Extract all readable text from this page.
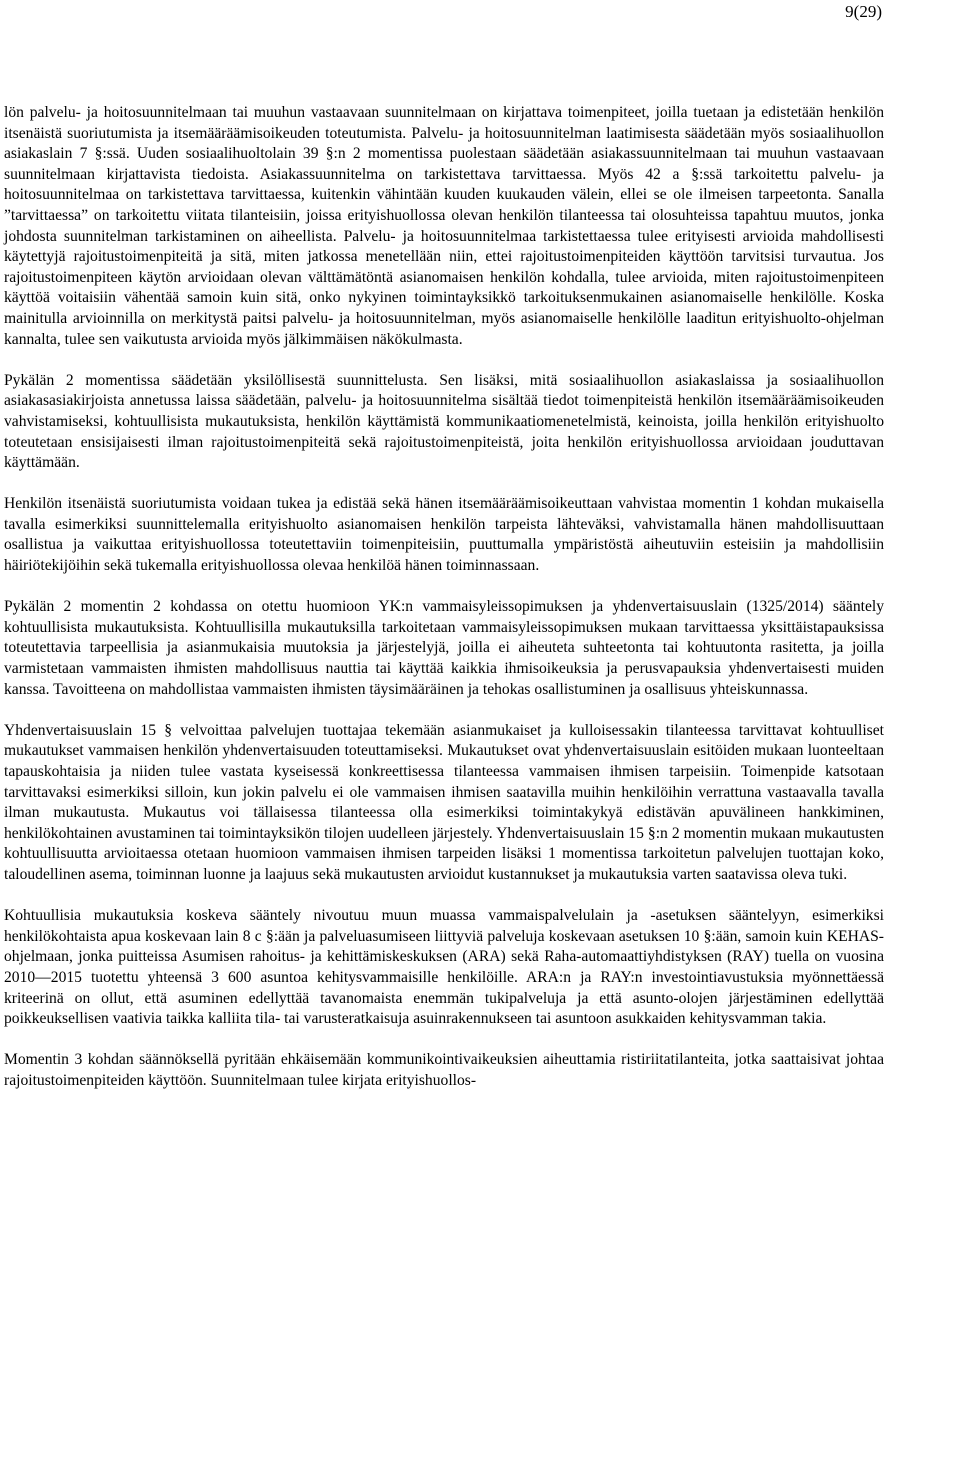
9(29)

lön palvelu- ja hoitosuunnitelmaan tai muuhun vastaavaan suunnitelmaan on kirjattava toimenpiteet, joilla tuetaan ja edistetään henkilön itsenäistä suoriutumista ja itsemääräämisoikeuden toteutumista. Palvelu- ja hoitosuunnitelman laatimisesta säädetään myös sosiaalihuollon asiakaslain 7 §:ssä. Uuden sosiaalihuoltolain 39 §:n 2 momentissa puolestaan säädetään asiakassuunnitelmaan tai muuhun vastaavaan suunnitelmaan kirjattavista tiedoista. Asiakassuunnitelma on tarkistettava tarvittaessa. Myös 42 a §:ssä tarkoitettu palvelu- ja hoitosuunnitelmaa on tarkistettava tarvittaessa, kuitenkin vähintään kuuden kuukauden välein, ellei se ole ilmeisen tarpeetonta. Sanalla ”tarvittaessa” on tarkoitettu viitata tilanteisiin, joissa erityishuollossa olevan henkilön tilanteessa tai olosuhteissa tapahtuu muutos, jonka johdosta suunnitelman tarkistaminen on aiheellista. Palvelu- ja hoitosuunnitelmaa tarkistettaessa tulee erityisesti arvioida mahdollisesti käytettyjä rajoitustoimenpiteitä ja sitä, miten jatkossa menetellään niin, ettei rajoitustoimenpiteiden käyttöön tarvitsisi turvautua. Jos rajoitustoimenpiteen käytön arvioidaan olevan välttämätöntä asianomaisen henkilön kohdalla, tulee arvioida, miten rajoitustoimenpiteen käyttöä voitaisiin vähentää samoin kuin sitä, onko nykyinen toimintayksikkö tarkoituksenmukainen asianomaiselle henkilölle. Koska mainitulla arvioinnilla on merkitystä paitsi palvelu- ja hoitosuunnitelman, myös asianomaiselle henkilölle laaditun erityishuolto-ohjelman kannalta, tulee sen vaikutusta arvioida myös jälkimmäisen näkökulmasta.

Pykälän 2 momentissa säädetään yksilöllisestä suunnittelusta. Sen lisäksi, mitä sosiaalihuollon asiakaslaissa ja sosiaalihuollon asiakasasiakirjoista annetussa laissa säädetään, palvelu- ja hoitosuunnitelma sisältää tiedot toimenpiteistä henkilön itsemääräämisoikeuden vahvistamiseksi, kohtuullisista mukautuksista, henkilön käyttämistä kommunikaatiomenetelmistä, keinoista, joilla henkilön erityishuolto toteutetaan ensisijaisesti ilman rajoitustoimenpiteitä sekä rajoitustoimenpiteistä, joita henkilön erityishuollossa arvioidaan jouduttavan käyttämään.

Henkilön itsenäistä suoriutumista voidaan tukea ja edistää sekä hänen itsemääräämisoikeuttaan vahvistaa momentin 1 kohdan mukaisella tavalla esimerkiksi suunnittelemalla erityishuolto asianomaisen henkilön tarpeista lähteväksi, vahvistamalla hänen mahdollisuuttaan osallistua ja vaikuttaa erityishuollossa toteutettaviin toimenpiteisiin, puuttumalla ympäristöstä aiheutuviin esteisiin ja mahdollisiin häiriötekijöihin sekä tukemalla erityishuollossa olevaa henkilöä hänen toiminnassaan.

Pykälän 2 momentin 2 kohdassa on otettu huomioon YK:n vammaisyleissopimuksen ja yhdenvertaisuuslain (1325/2014) sääntely kohtuullisista mukautuksista. Kohtuullisilla mukautuksilla tarkoitetaan vammaisyleissopimuksen mukaan tarvittaessa yksittäistapauksissa toteutettavia tarpeellisia ja asianmukaisia muutoksia ja järjestelyjä, joilla ei aiheuteta suhteetonta tai kohtuutonta rasitetta, ja joilla varmistetaan vammaisten ihmisten mahdollisuus nauttia tai käyttää kaikkia ihmisoikeuksia ja perusvapauksia yhdenvertaisesti muiden kanssa. Tavoitteena on mahdollistaa vammaisten ihmisten täysimääräinen ja tehokas osallistuminen ja osallisuus yhteiskunnassa.

Yhdenvertaisuuslain 15 § velvoittaa palvelujen tuottajaa tekemään asianmukaiset ja kulloisessakin tilanteessa tarvittavat kohtuulliset mukautukset vammaisen henkilön yhdenvertaisuuden toteuttamiseksi. Mukautukset ovat yhdenvertaisuuslain esitöiden mukaan luonteeltaan tapauskohtaisia ja niiden tulee vastata kyseisessä konkreettisessa tilanteessa vammaisen ihmisen tarpeisiin. Toimenpide katsotaan tarvittavaksi esimerkiksi silloin, kun jokin palvelu ei ole vammaisen ihmisen saatavilla muihin henkilöihin verrattuna vastaavalla tavalla ilman mukautusta. Mukautus voi tällaisessa tilanteessa olla esimerkiksi toimintakykyä edistävän apuvälineen hankkiminen, henkilökohtainen avustaminen tai toimintayksikön tilojen uudelleen järjestely. Yhdenvertaisuuslain 15 §:n 2 momentin mukaan mukautusten kohtuullisuutta arvioitaessa otetaan huomioon vammaisen ihmisen tarpeiden lisäksi 1 momentissa tarkoitetun palvelujen tuottajan koko, taloudellinen asema, toiminnan luonne ja laajuus sekä mukautusten arvioidut kustannukset ja mukautuksia varten saatavissa oleva tuki.

Kohtuullisia mukautuksia koskeva sääntely nivoutuu muun muassa vammaispalvelulain ja -asetuksen sääntelyyn, esimerkiksi henkilökohtaista apua koskevaan lain 8 c §:ään ja palveluasumiseen liittyviä palveluja koskevaan asetuksen 10 §:ään, samoin kuin KEHAS-ohjelmaan, jonka puitteissa Asumisen rahoitus- ja kehittämiskeskuksen (ARA) sekä Raha-automaattiyhdistyksen (RAY) tuella on vuosina 2010—2015 tuotettu yhteensä 3 600 asuntoa kehitysvammaisille henkilöille. ARA:n ja RAY:n investointiavustuksia myönnettäessä kriteerinä on ollut, että asuminen edellyttää tavanomaista enemmän tukipalveluja ja että asunto-olojen järjestäminen edellyttää poikkeuksellisen vaativia taikka kalliita tila- tai varusteratkaisuja asuinrakennukseen tai asuntoon asukkaiden kehitysvamman takia.

Momentin 3 kohdan säännöksellä pyritään ehkäisemään kommunikointivaikeuksien aiheuttamia ristiriitatilanteita, jotka saattaisivat johtaa rajoitustoimenpiteiden käyttöön. Suunnitelmaan tulee kirjata erityishuollos-
